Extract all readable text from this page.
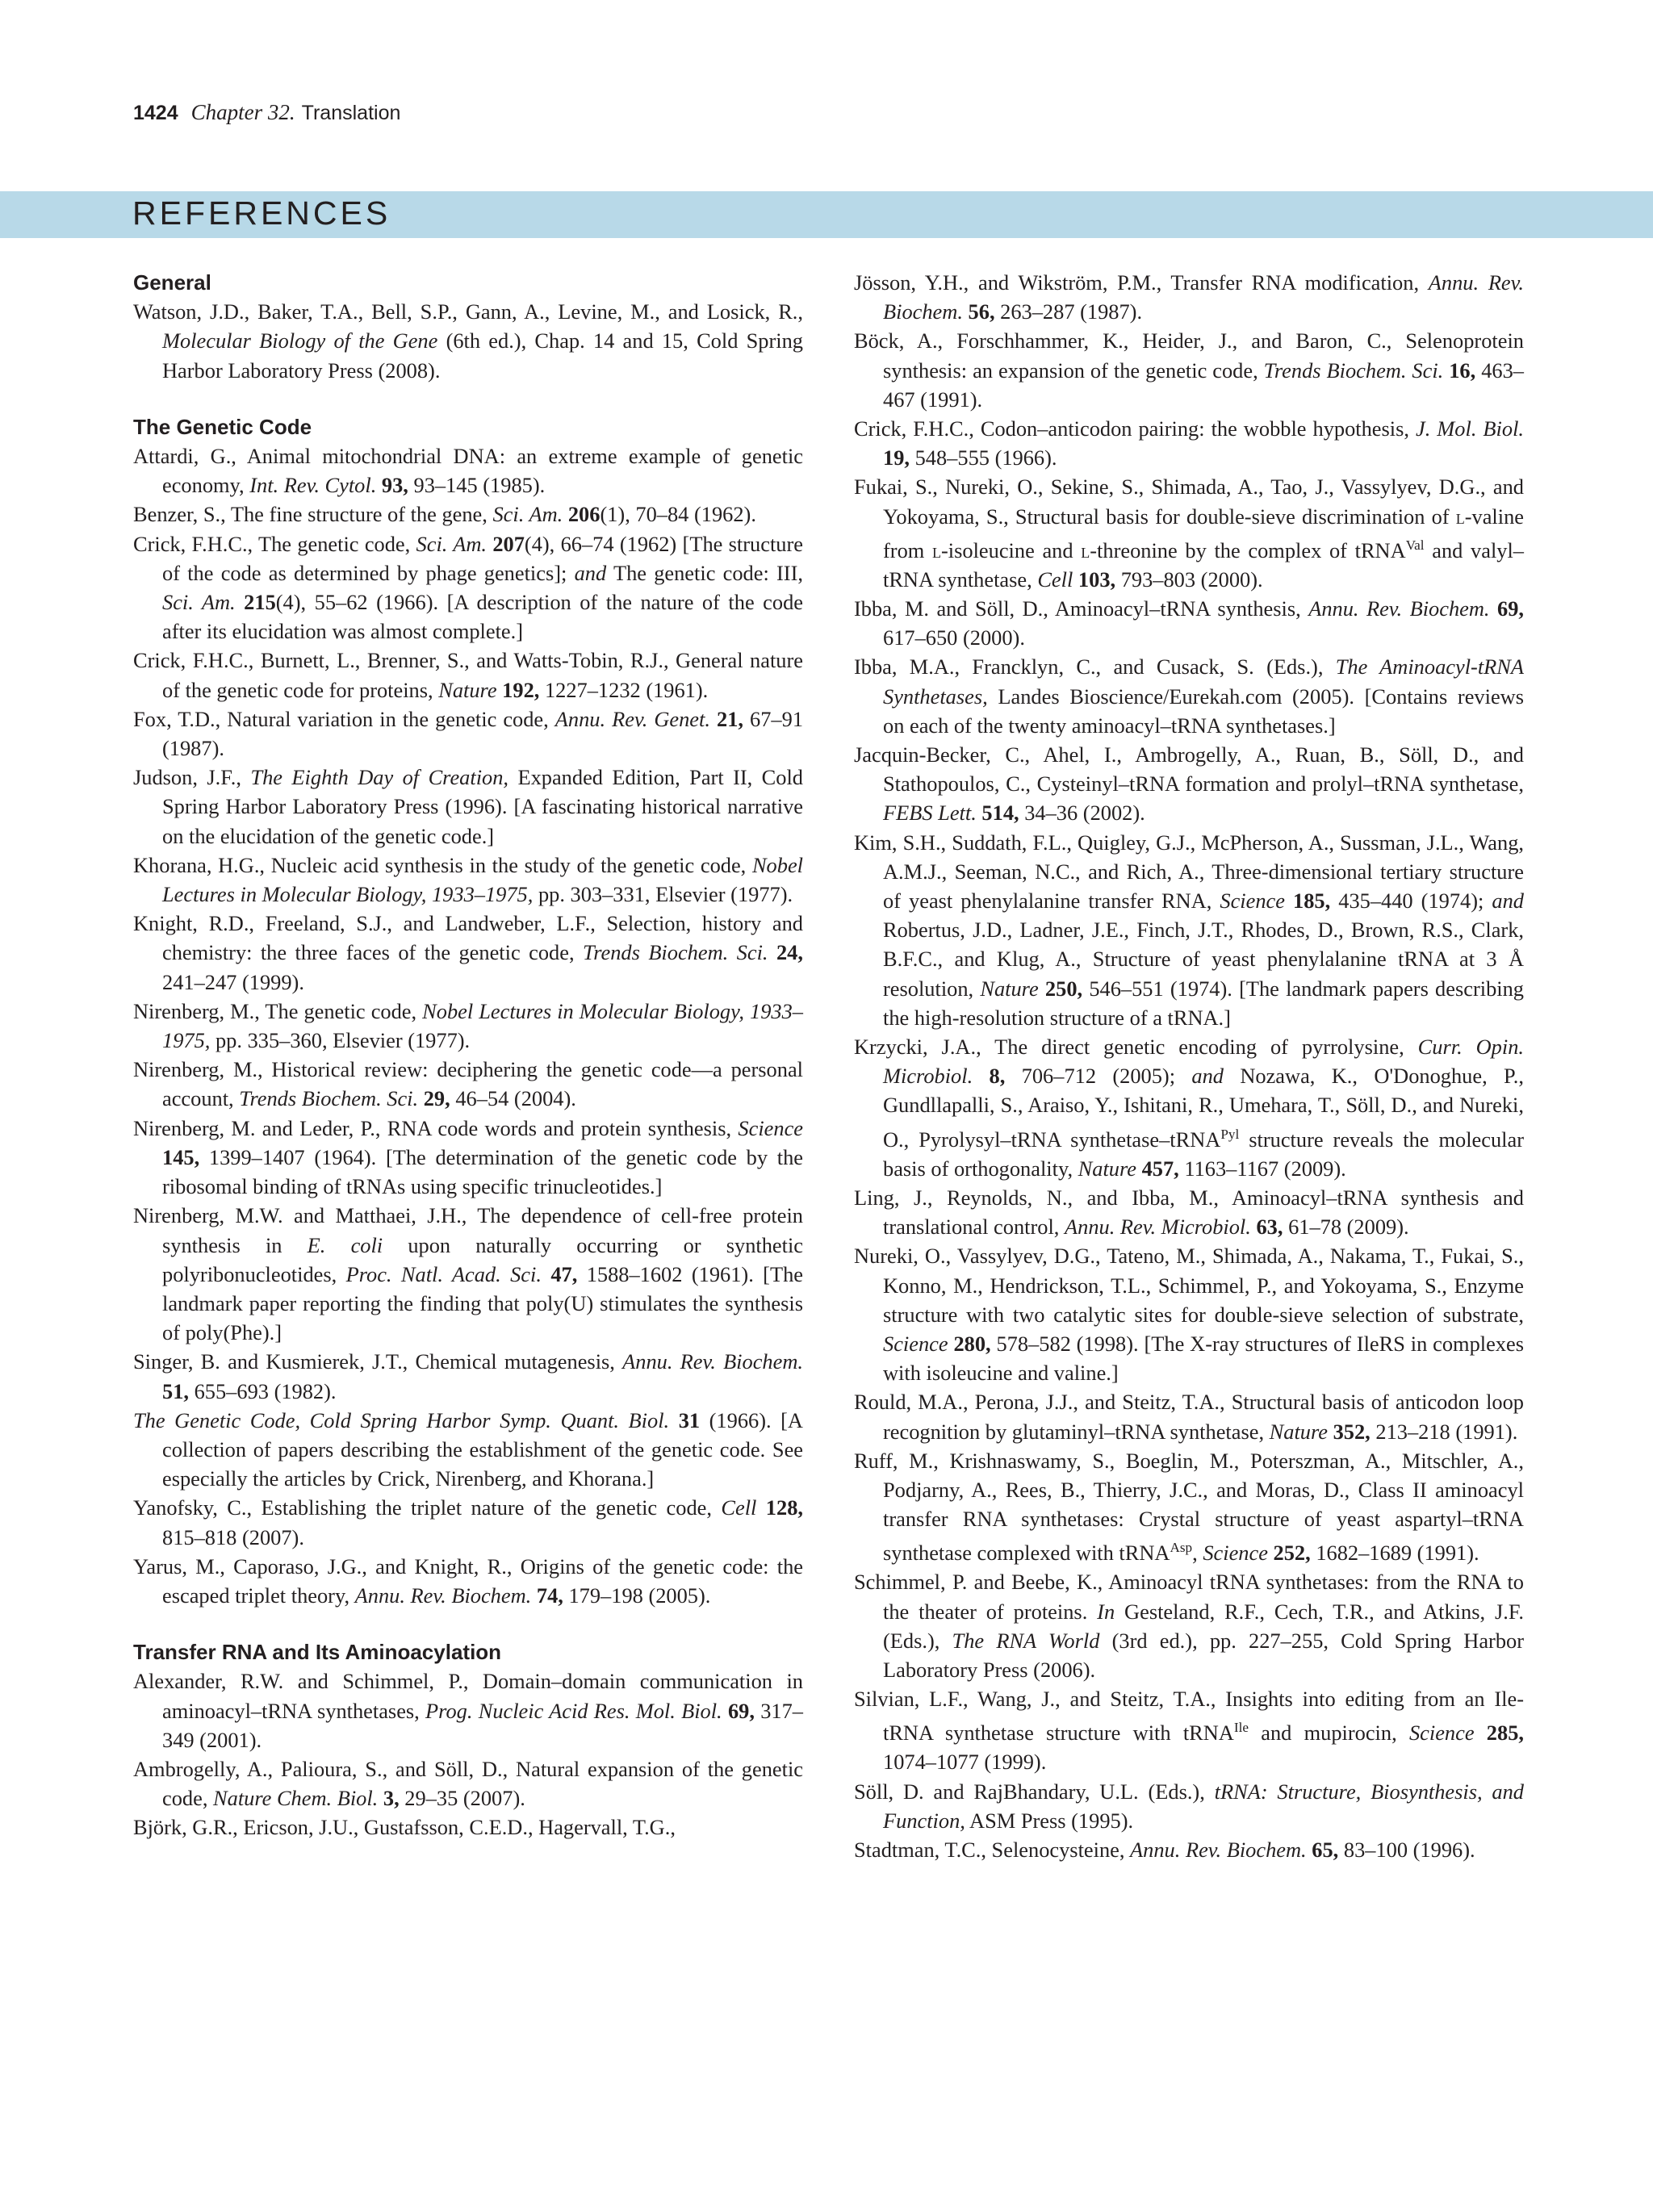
1424 Chapter 32. Translation
REFERENCES

General

Watson, J.D., Baker, T.A., Bell, S.P., Gann, A., Levine, M., and Losick, R., Molecular Biology of the Gene (6th ed.), Chap. 14 and 15, Cold Spring Harbor Laboratory Press (2008).

The Genetic Code

Attardi, G., Animal mitochondrial DNA: an extreme example of genetic economy, Int. Rev. Cytol. 93, 93–145 (1985).

Benzer, S., The fine structure of the gene, Sci. Am. 206(1), 70–84 (1962).

Crick, F.H.C., The genetic code, Sci. Am. 207(4), 66–74 (1962) [The structure of the code as determined by phage genetics]; and The genetic code: III, Sci. Am. 215(4), 55–62 (1966). [A description of the nature of the code after its elucidation was almost complete.]

Crick, F.H.C., Burnett, L., Brenner, S., and Watts-Tobin, R.J., General nature of the genetic code for proteins, Nature 192, 1227–1232 (1961).

Fox, T.D., Natural variation in the genetic code, Annu. Rev. Genet. 21, 67–91 (1987).

Judson, J.F., The Eighth Day of Creation, Expanded Edition, Part II, Cold Spring Harbor Laboratory Press (1996). [A fascinating historical narrative on the elucidation of the genetic code.]

Khorana, H.G., Nucleic acid synthesis in the study of the genetic code, Nobel Lectures in Molecular Biology, 1933–1975, pp. 303–331, Elsevier (1977).

Knight, R.D., Freeland, S.J., and Landweber, L.F., Selection, history and chemistry: the three faces of the genetic code, Trends Biochem. Sci. 24, 241–247 (1999).

Nirenberg, M., The genetic code, Nobel Lectures in Molecular Biology, 1933–1975, pp. 335–360, Elsevier (1977).

Nirenberg, M., Historical review: deciphering the genetic code—a personal account, Trends Biochem. Sci. 29, 46–54 (2004).

Nirenberg, M. and Leder, P., RNA code words and protein synthesis, Science 145, 1399–1407 (1964). [The determination of the genetic code by the ribosomal binding of tRNAs using specific trinucleotides.]

Nirenberg, M.W. and Matthaei, J.H., The dependence of cell-free protein synthesis in E. coli upon naturally occurring or synthetic polyribonucleotides, Proc. Natl. Acad. Sci. 47, 1588–1602 (1961). [The landmark paper reporting the finding that poly(U) stimulates the synthesis of poly(Phe).]

Singer, B. and Kusmierek, J.T., Chemical mutagenesis, Annu. Rev. Biochem. 51, 655–693 (1982).

The Genetic Code, Cold Spring Harbor Symp. Quant. Biol. 31 (1966). [A collection of papers describing the establishment of the genetic code. See especially the articles by Crick, Nirenberg, and Khorana.]

Yanofsky, C., Establishing the triplet nature of the genetic code, Cell 128, 815–818 (2007).

Yarus, M., Caporaso, J.G., and Knight, R., Origins of the genetic code: the escaped triplet theory, Annu. Rev. Biochem. 74, 179–198 (2005).

Transfer RNA and Its Aminoacylation

Alexander, R.W. and Schimmel, P., Domain–domain communication in aminoacyl–tRNA synthetases, Prog. Nucleic Acid Res. Mol. Biol. 69, 317–349 (2001).

Ambrogelly, A., Palioura, S., and Söll, D., Natural expansion of the genetic code, Nature Chem. Biol. 3, 29–35 (2007).

Björk, G.R., Ericson, J.U., Gustafsson, C.E.D., Hagervall, T.G.,

Jösson, Y.H., and Wikström, P.M., Transfer RNA modification, Annu. Rev. Biochem. 56, 263–287 (1987).

Böck, A., Forschhammer, K., Heider, J., and Baron, C., Selenoprotein synthesis: an expansion of the genetic code, Trends Biochem. Sci. 16, 463–467 (1991).

Crick, F.H.C., Codon–anticodon pairing: the wobble hypothesis, J. Mol. Biol. 19, 548–555 (1966).

Fukai, S., Nureki, O., Sekine, S., Shimada, A., Tao, J., Vassylyev, D.G., and Yokoyama, S., Structural basis for double-sieve discrimination of l-valine from l-isoleucine and l-threonine by the complex of tRNA$^{Val}$ and valyl–tRNA synthetase, Cell 103, 793–803 (2000).

Ibba, M. and Söll, D., Aminoacyl–tRNA synthesis, Annu. Rev. Biochem. 69, 617–650 (2000).

Ibba, M.A., Francklyn, C., and Cusack, S. (Eds.), The Aminoacyl-tRNA Synthetases, Landes Bioscience/Eurekah.com (2005). [Contains reviews on each of the twenty aminoacyl–tRNA synthetases.]

Jacquin-Becker, C., Ahel, I., Ambrogelly, A., Ruan, B., Söll, D., and Stathopoulos, C., Cysteinyl–tRNA formation and prolyl–tRNA synthetase, FEBS Lett. 514, 34–36 (2002).

Kim, S.H., Suddath, F.L., Quigley, G.J., McPherson, A., Sussman, J.L., Wang, A.M.J., Seeman, N.C., and Rich, A., Three-dimensional tertiary structure of yeast phenylalanine transfer RNA, Science 185, 435–440 (1974); and Robertus, J.D., Ladner, J.E., Finch, J.T., Rhodes, D., Brown, R.S., Clark, B.F.C., and Klug, A., Structure of yeast phenylalanine tRNA at 3 Å resolution, Nature 250, 546–551 (1974). [The landmark papers describing the high-resolution structure of a tRNA.]

Krzycki, J.A., The direct genetic encoding of pyrrolysine, Curr. Opin. Microbiol. 8, 706–712 (2005); and Nozawa, K., O'Donoghue, P., Gundllapalli, S., Araiso, Y., Ishitani, R., Umehara, T., Söll, D., and Nureki, O., Pyrolysyl–tRNA synthetase–tRNA$^{Pyl}$ structure reveals the molecular basis of orthogonality, Nature 457, 1163–1167 (2009).

Ling, J., Reynolds, N., and Ibba, M., Aminoacyl–tRNA synthesis and translational control, Annu. Rev. Microbiol. 63, 61–78 (2009).

Nureki, O., Vassylyev, D.G., Tateno, M., Shimada, A., Nakama, T., Fukai, S., Konno, M., Hendrickson, T.L., Schimmel, P., and Yokoyama, S., Enzyme structure with two catalytic sites for double-sieve selection of substrate, Science 280, 578–582 (1998). [The X-ray structures of IleRS in complexes with isoleucine and valine.]

Rould, M.A., Perona, J.J., and Steitz, T.A., Structural basis of anticodon loop recognition by glutaminyl–tRNA synthetase, Nature 352, 213–218 (1991).

Ruff, M., Krishnaswamy, S., Boeglin, M., Poterszman, A., Mitschler, A., Podjarny, A., Rees, B., Thierry, J.C., and Moras, D., Class II aminoacyl transfer RNA synthetases: Crystal structure of yeast aspartyl–tRNA synthetase complexed with tRNA$^{Asp}$, Science 252, 1682–1689 (1991).

Schimmel, P. and Beebe, K., Aminoacyl tRNA synthetases: from the RNA to the theater of proteins. In Gesteland, R.F., Cech, T.R., and Atkins, J.F. (Eds.), The RNA World (3rd ed.), pp. 227–255, Cold Spring Harbor Laboratory Press (2006).

Silvian, L.F., Wang, J., and Steitz, T.A., Insights into editing from an Ile-tRNA synthetase structure with tRNA$^{Ile}$ and mupirocin, Science 285, 1074–1077 (1999).

Söll, D. and RajBhandary, U.L. (Eds.), tRNA: Structure, Biosynthesis, and Function, ASM Press (1995).

Stadtman, T.C., Selenocysteine, Annu. Rev. Biochem. 65, 83–100 (1996).
